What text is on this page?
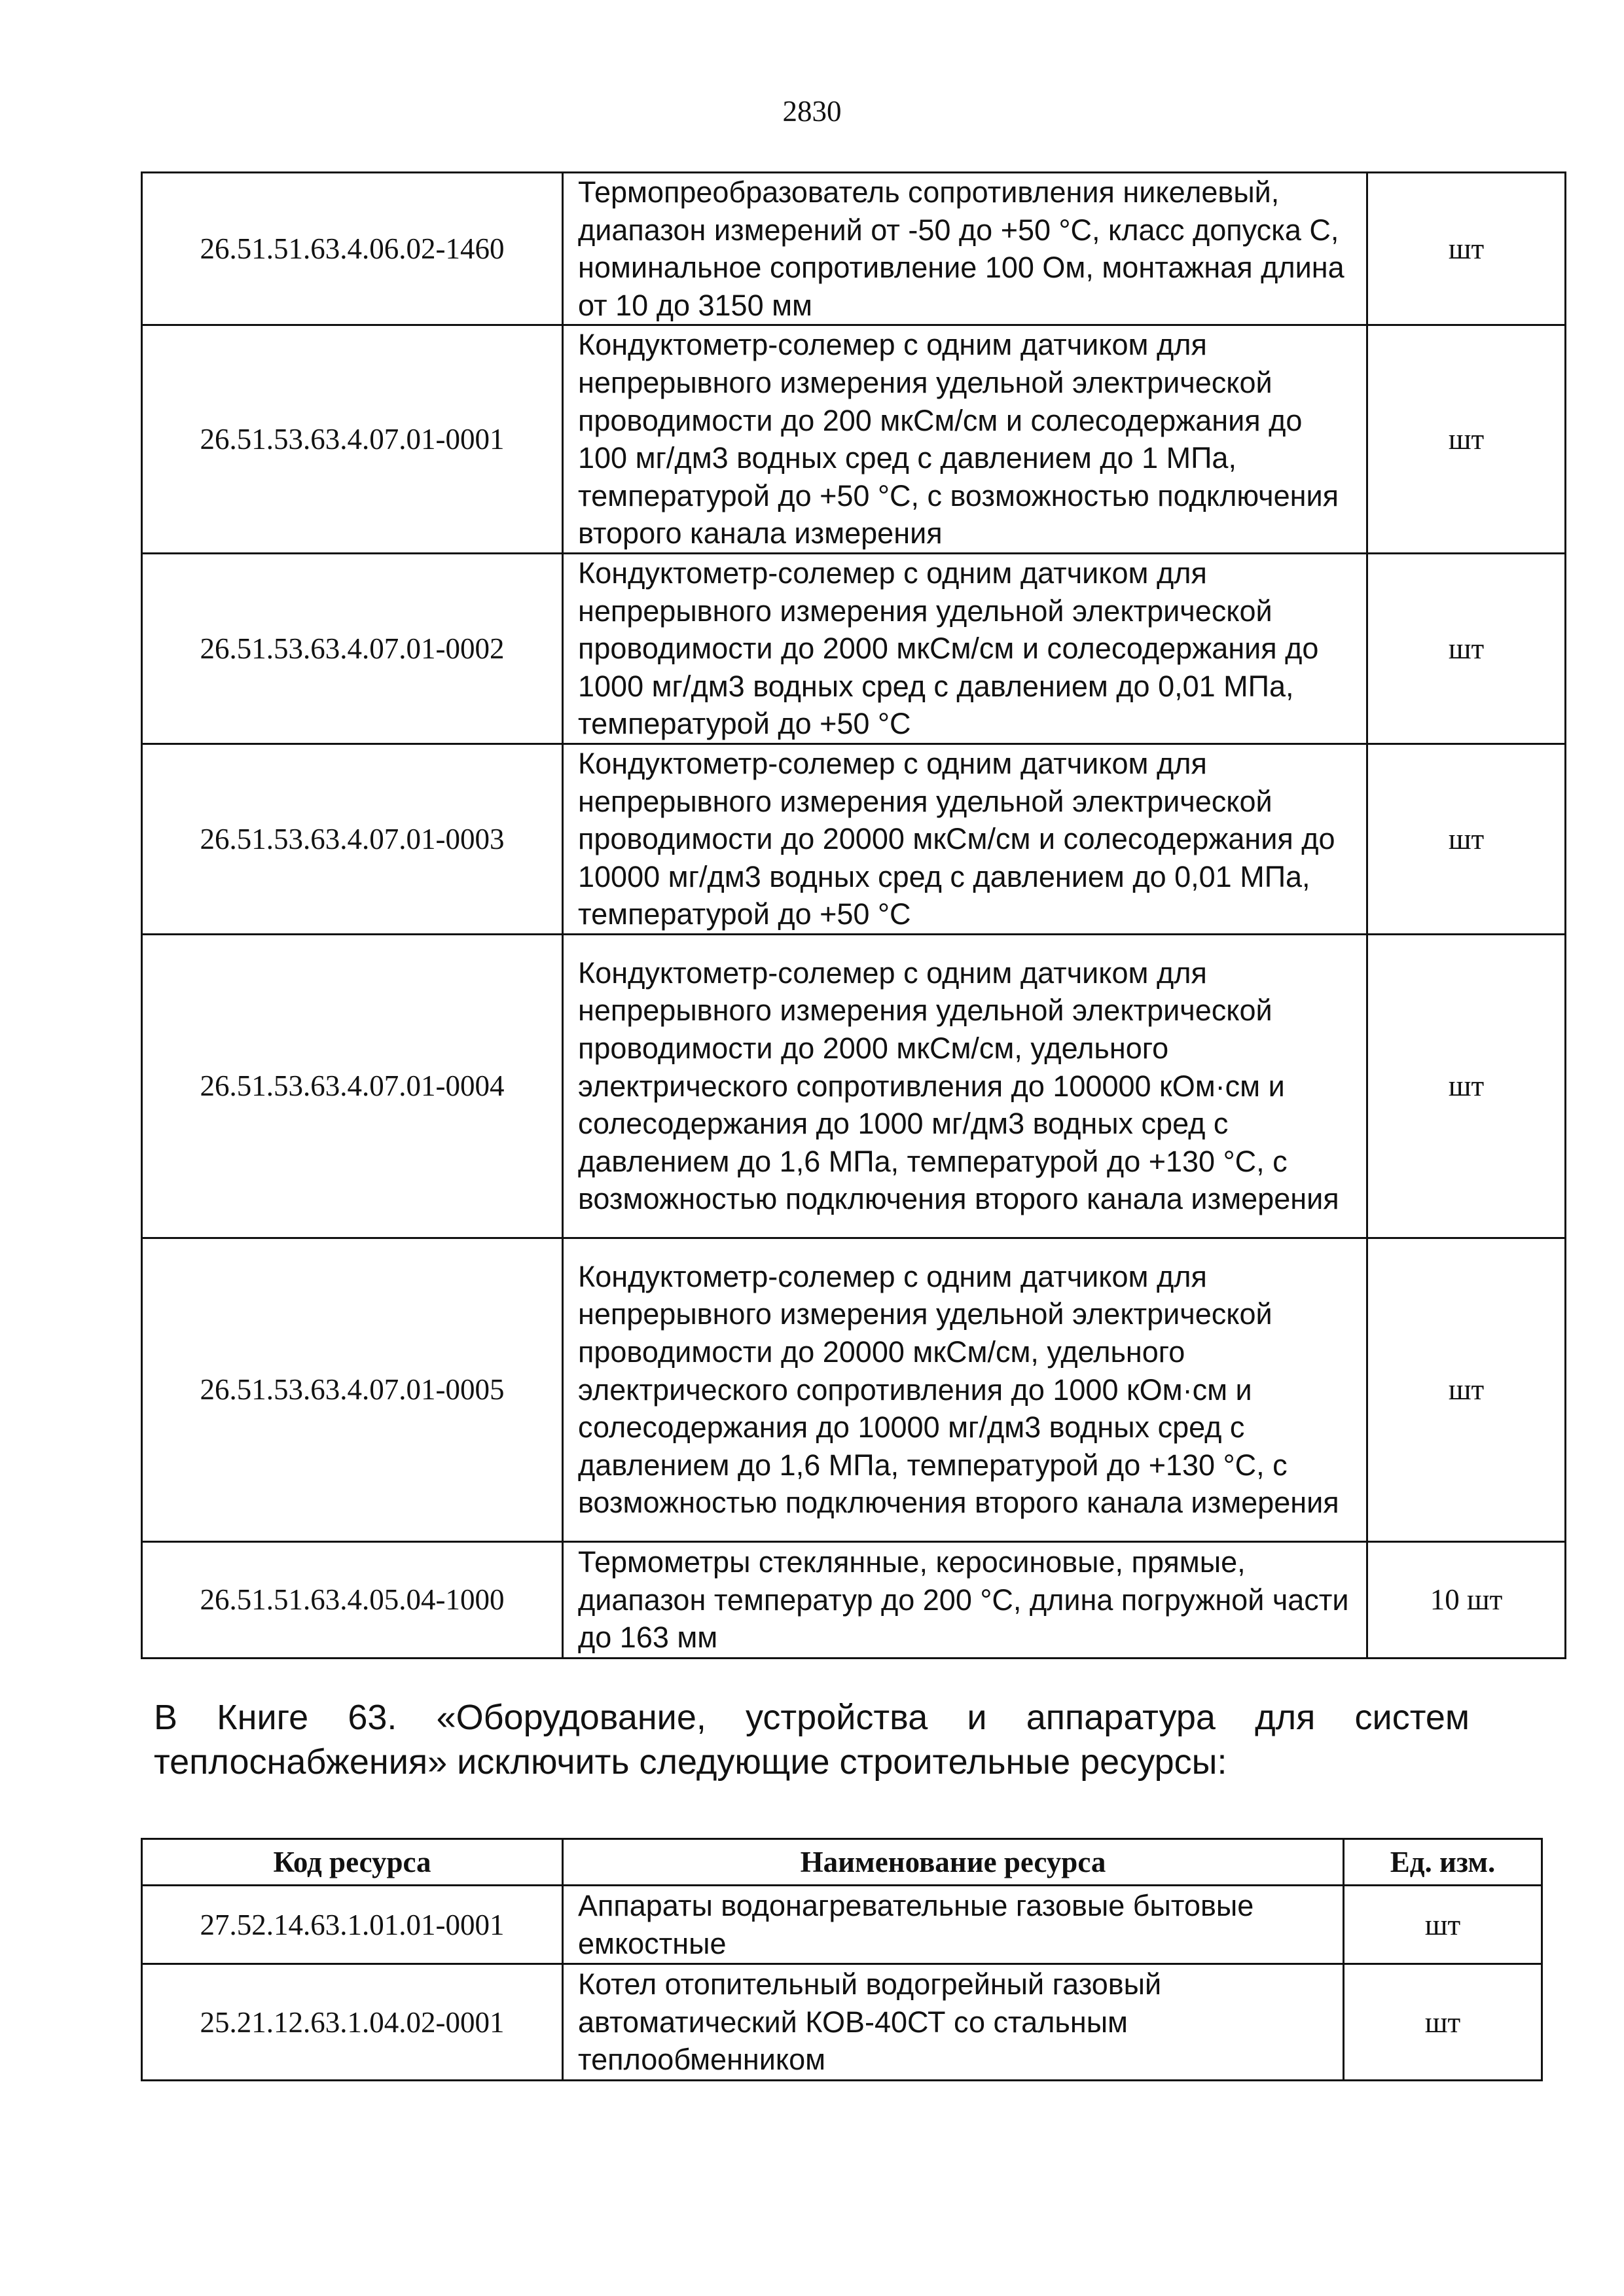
2830
26.51.51.63.4.06.02-1460	Термопреобразователь сопротивления никелевый, диапазон измерений от -50 до +50 °С, класс допуска С, номинальное сопротивление 100 Ом, монтажная длина от 10 до 3150 мм	шт
26.51.53.63.4.07.01-0001	Кондуктометр-солемер с одним датчиком для непрерывного измерения удельной электрической проводимости до 200 мкСм/см и солесодержания до 100 мг/дм3 водных сред с давлением до 1 МПа, температурой до +50 °С, с возможностью подключения второго канала измерения	шт
26.51.53.63.4.07.01-0002	Кондуктометр-солемер с одним датчиком для непрерывного измерения удельной электрической проводимости до 2000 мкСм/см и солесодержания до 1000 мг/дм3 водных сред с давлением до 0,01 МПа, температурой до +50 °С	шт
26.51.53.63.4.07.01-0003	Кондуктометр-солемер с одним датчиком для непрерывного измерения удельной электрической проводимости до 20000 мкСм/см и солесодержания до 10000 мг/дм3 водных сред с давлением до 0,01 МПа, температурой до +50 °С	шт
26.51.53.63.4.07.01-0004	Кондуктометр-солемер с одним датчиком для непрерывного измерения удельной электрической проводимости до 2000 мкСм/см, удельного электрического сопротивления до 100000 кОм·см и солесодержания до 1000 мг/дм3 водных сред с давлением до 1,6 МПа, температурой до +130 °С, с возможностью подключения второго канала измерения	шт
26.51.53.63.4.07.01-0005	Кондуктометр-солемер с одним датчиком для непрерывного измерения удельной электрической проводимости до 20000 мкСм/см, удельного электрического сопротивления до 1000 кОм·см и солесодержания до 10000 мг/дм3 водных сред с давлением до 1,6 МПа, температурой до +130 °С, с возможностью подключения второго канала измерения	шт
26.51.51.63.4.05.04-1000	Термометры стеклянные, керосиновые, прямые, диапазон температур до 200 °С, длина погружной части до 163 мм	10 шт
В Книге 63. «Оборудование, устройства и аппаратура для систем
теплоснабжения» исключить следующие строительные ресурсы:
Код ресурса	Наименование ресурса	Ед. изм.
27.52.14.63.1.01.01-0001	Аппараты водонагревательные газовые бытовые емкостные	шт
25.21.12.63.1.04.02-0001	Котел отопительный водогрейный газовый автоматический КОВ-40СТ со стальным теплообменником	шт
